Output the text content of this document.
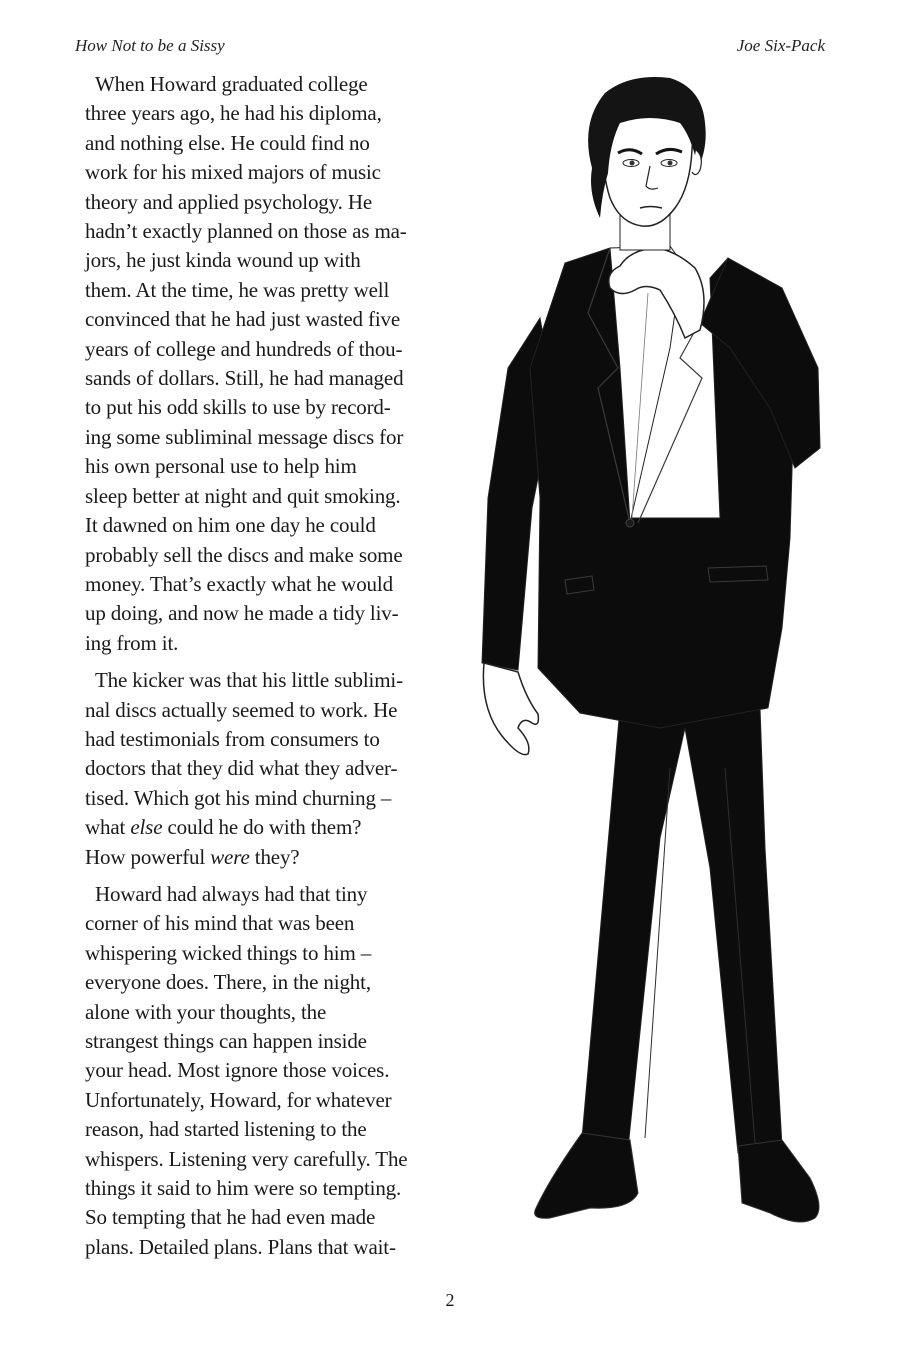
How Not to be a Sissy	Joe Six-Pack

When Howard graduated college
three years ago, he had his diploma,
and nothing else. He could find no
work for his mixed majors of music
theory and applied psychology. He
hadn’t exactly planned on those as ma-
jors, he just kinda wound up with
them. At the time, he was pretty well
convinced that he had just wasted five
years of college and hundreds of thou-
sands of dollars. Still, he had managed
to put his odd skills to use by record-
ing some subliminal message discs for
his own personal use to help him
sleep better at night and quit smoking.
It dawned on him one day he could
probably sell the discs and make some
money. That’s exactly what he would
up doing, and now he made a tidy liv-
ing from it.

The kicker was that his little sublimi-
nal discs actually seemed to work. He
had testimonials from consumers to
doctors that they did what they adver-
tised. Which got his mind churning –
what else could he do with them?
How powerful were they?

Howard had always had that tiny
corner of his mind that was been
whispering wicked things to him –
everyone does. There, in the night,
alone with your thoughts, the
strangest things can happen inside
your head. Most ignore those voices.
Unfortunately, Howard, for whatever
reason, had started listening to the
whispers. Listening very carefully. The
things it said to him were so tempting.
So tempting that he had even made
plans. Detailed plans. Plans that wait-

2
